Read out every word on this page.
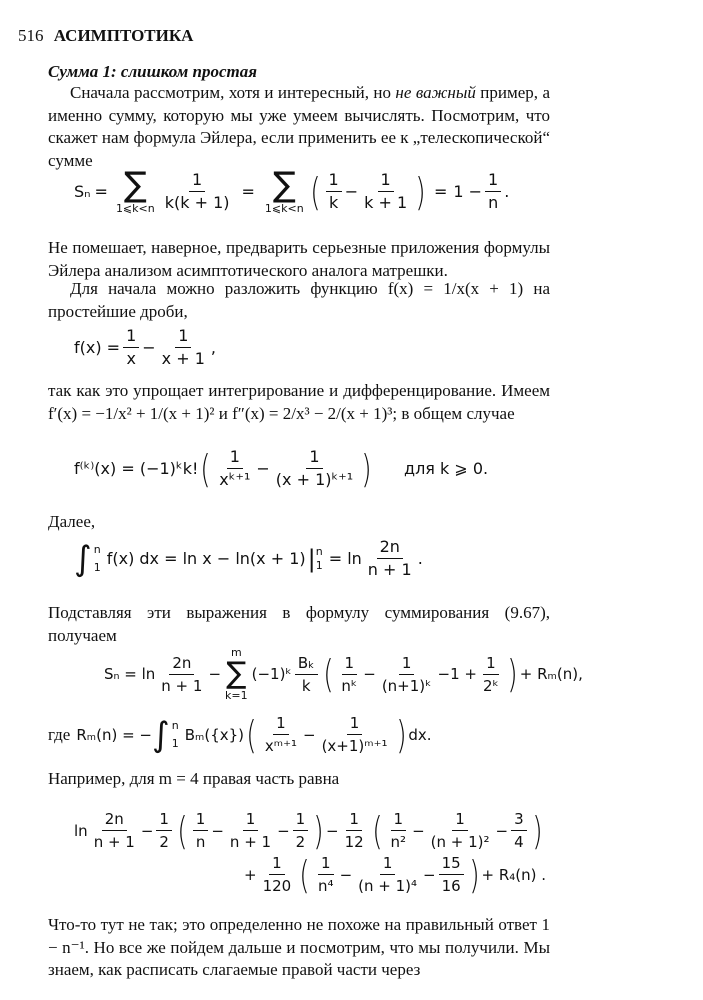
516 АСИМПТОТИКА
Сумма 1: слишком простая
Сначала рассмотрим, хотя и интересный, но не важный пример, а именно сумму, которую мы уже умеем вычислять. Посмотрим, что скажет нам формула Эйлера, если применить ее к „телескопической“ сумме
Sₙ = ∑
1⩽k<n $\frac{1}{k(k + 1)}$ = ∑
1⩽k<n ( $\frac{1}{k} - \frac{1}{k + 1}$ ) = $1 - \frac{1}{n}$ .
Не помешает, наверное, предварить серьезные приложения формулы Эйлера анализом асимптотического аналога матрешки.
Для начала можно разложить функцию f(x) = 1/x(x + 1) на простейшие дроби,
$f(x) = \frac{1}{x} - \frac{1}{x + 1}$ ,
так как это упрощает интегрирование и дифференцирование. Имеем f′(x) = −1/x² + 1/(x + 1)² и f″(x) = 2/x³ − 2/(x + 1)³; в общем случае
f⁽ᵏ⁾(x) = (−1)ᵏk! ( $\frac{1}{\text{xᵏ⁺¹}} - \frac{1}{\text{(x + 1)ᵏ⁺¹}}$ ) для k ⩾ 0.
Далее,
∫ n
1 f(x) dx = ln x − ln(x + 1) | n
$1 = \ln \frac{2n}{n + 1}$ .
Подставляя эти выражения в формулу суммирования (9.67), получаем
$S_n = \ln \frac{2n}{n + 1}$ −
m
∑
k=1
(−1)ᵏ $\frac{\text{Bₖ}}{k}$ ( $\frac{1}{\text{nᵏ}} - \frac{1}{\text{(n+1)ᵏ}} -1 + \frac{1}{\text{2ᵏ}}$ ) + Rₘ(n),
где Rₘ(n) = − ∫ n
1 Bₘ({x}) ( $\frac{1}{\text{xᵐ⁺¹}} - \frac{1}{\text{(x+1)ᵐ⁺¹}}$ ) dx.
Например, для m = 4 правая часть равна
$\ln \frac{2n}{n + 1} - \frac{1}{2}$ ( $\frac{1}{n} - \frac{1}{n + 1} - \frac{1}{2}$ ) − $\frac{1}{12}$ ( $\frac{1}{\text{n²}} - \frac{1}{\text{(n + 1)²}} - \frac{3}{4}$ )
+ $\frac{1}{120}$ ( $\frac{1}{\text{n⁴}} - \frac{1}{\text{(n + 1)⁴}} - \frac{15}{16}$ ) + R₄(n) .
Что-то тут не так; это определенно не похоже на правильный ответ 1 − n⁻¹. Но все же пойдем дальше и посмотрим, что мы получили. Мы знаем, как расписать слагаемые правой части через
